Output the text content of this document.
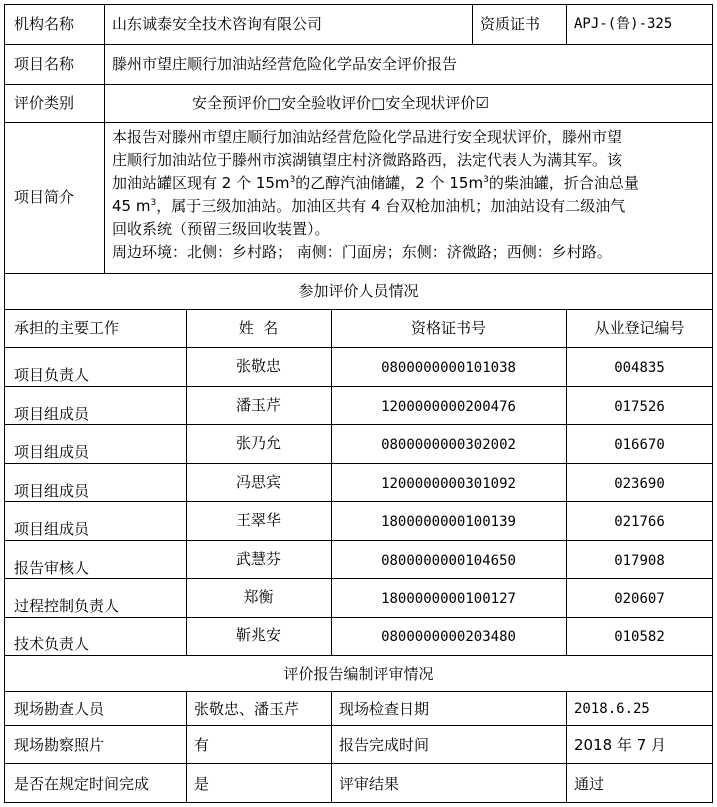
机构名称	山东诚泰安全技术咨询有限公司	资质证书 APJ-(鲁)-325
项目名称	滕州市望庄顺行加油站经营危险化学品安全评价报告
评价类别	安全预评价□安全验收评价□安全现状评价☑
项目简介
本报告对滕州市望庄顺行加油站经营危险化学品进行安全现状评价，滕州市望
庄顺行加油站位于滕州市滨湖镇望庄村济微路路西，法定代表人为满其军。该
加油站罐区现有 2 个 $15m^3$的乙醇汽油储罐，2 个 $15m^3$的柴油罐，折合油总量
45 $m^3$，属于三级加油站。加油区共有 4 台双枪加油机；加油站设有二级油气
回收系统（预留三级回收装置）。
周边环境：北侧：乡村路； 南侧：门面房；东侧：济微路；西侧：乡村路。
参加评价人员情况
承担的主要工作	姓  名	资格证书号	从业登记编号
项目负责人	张敬忠	0800000000101038	004835
项目组成员	潘玉芹	1200000000200476	017526
项目组成员	张乃允	0800000000302002	016670
项目组成员	冯思宾	1200000000301092	023690
项目组成员	王翠华	1800000000100139	021766
报告审核人	武慧芬	0800000000104650	017908
过程控制负责人	郑衡	1800000000100127	020607
技术负责人	靳兆安	0800000000203480	010582
评价报告编制评审情况
现场勘查人员	张敬忠、潘玉芹	现场检查日期	2018.6.25
现场勘察照片	有	报告完成时间	2018 年 7 月
是否在规定时间完成	是	评审结果	通过
